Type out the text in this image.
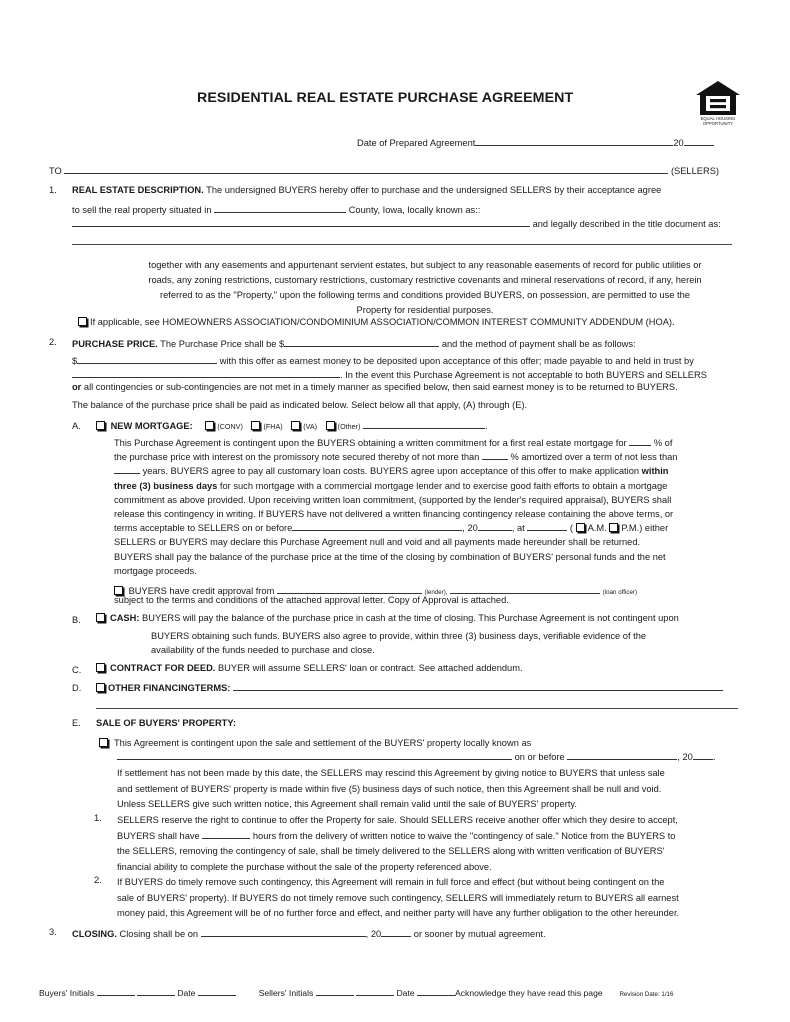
RESIDENTIAL REAL ESTATE PURCHASE AGREEMENT
EQUAL HOUSING
OPPORTUNITY
Date of Prepared Agreement	20
TO	(SELLERS)
1. REAL ESTATE DESCRIPTION. The undersigned BUYERS hereby offer to purchase and the undersigned SELLERS by their acceptance agree
to sell the real property situated in	County, Iowa, locally known as::
and legally described in the title document as:
together with any easements and appurtenant servient estates, but subject to any reasonable easements of record for public utilities or
roads, any zoning restrictions, customary restrictions, customary restrictive covenants and mineral reservations of record, if any, herein
referred to as the "Property," upon the following terms and conditions provided BUYERS, on possession, are permitted to use the
Property for residential purposes.
If applicable, see HOMEOWNERS ASSOCIATION/CONDOMINIUM ASSOCIATION/COMMON INTEREST COMMUNITY ADDENDUM (HOA).
2. PURCHASE PRICE. The Purchase Price shall be $	and the method of payment shall be as follows:
$	with this offer as earnest money to be deposited upon acceptance of this offer; made payable to and held in trust by
. In the event this Purchase Agreement is not acceptable to both BUYERS and SELLERS
or all contingencies or sub-contingencies are not met in a timely manner as specified below, then said earnest money is to be returned to BUYERS.
The balance of the purchase price shall be paid as indicated below. Select below all that apply, (A) through (E).
A.	NEW MORTGAGE:	(CONV)	(FHA)	(VA)	(Other)	.
This Purchase Agreement is contingent upon the BUYERS obtaining a written commitment for a first real estate mortgage for	% of
the purchase price with interest on the promissory note secured thereby of not more than	% amortized over a term of not less than
years. BUYERS agree to pay all customary loan costs. BUYERS agree upon acceptance of this offer to make application within
three (3) business days for such mortgage with a commercial mortgage lender and to exercise good faith efforts to obtain a mortgage
commitment as above provided. Upon receiving written loan commitment, (supported by the lender's required appraisal), BUYERS shall
release this contingency in writing. If BUYERS have not delivered a written financing contingency release containing the above terms, or
terms acceptable to SELLERS on or before	, 20	, at	( A.M. P.M.) either
SELLERS or BUYERS may declare this Purchase Agreement null and void and all payments made hereunder shall be returned.
BUYERS shall pay the balance of the purchase price at the time of the closing by combination of BUYERS' personal funds and the net
mortgage proceeds.
BUYERS have credit approval from	(lender),	(loan officer)
subject to the terms and conditions of the attached approval letter. Copy of Approval is attached.
B.	CASH: BUYERS will pay the balance of the purchase price in cash at the time of closing. This Purchase Agreement is not contingent upon
BUYERS obtaining such funds. BUYERS also agree to provide, within three (3) business days, verifiable evidence of the
availability of the funds needed to purchase and close.
C.	CONTRACT FOR DEED. BUYER will assume SELLERS' loan or contract. See attached addendum.
D.	OTHER FINANCINGTERMS:
E. SALE OF BUYERS' PROPERTY:
This Agreement is contingent upon the sale and settlement of the BUYERS' property locally known as
on or before	, 20 .
If settlement has not been made by this date, the SELLERS may rescind this Agreement by giving notice to BUYERS that unless sale
and settlement of BUYERS' property is made within five (5) business days of such notice, then this Agreement shall be null and void.
Unless SELLERS give such written notice, this Agreement shall remain valid until the sale of BUYERS' property.
1. SELLERS reserve the right to continue to offer the Property for sale. Should SELLERS receive another offer which they desire to accept,
BUYERS shall have	hours from the delivery of written notice to waive the "contingency of sale." Notice from the BUYERS to
the SELLERS, removing the contingency of sale, shall be timely delivered to the SELLERS along with written verification of BUYERS'
financial ability to complete the purchase without the sale of the property referenced above.
2. If BUYERS do timely remove such contingency, this Agreement will remain in full force and effect (but without being contingent on the
sale of BUYERS' property). If BUYERS do not timely remove such contingency, SELLERS will immediately return to BUYERS all earnest
money paid, this Agreement will be of no further force and effect, and neither party will have any further obligation to the other hereunder.
3. CLOSING. Closing shall be on	, 20	or sooner by mutual agreement.
Buyers' Initials	Date	Sellers' Initials	Date	Acknowledge they have read this page	Revision Date: 1/16
